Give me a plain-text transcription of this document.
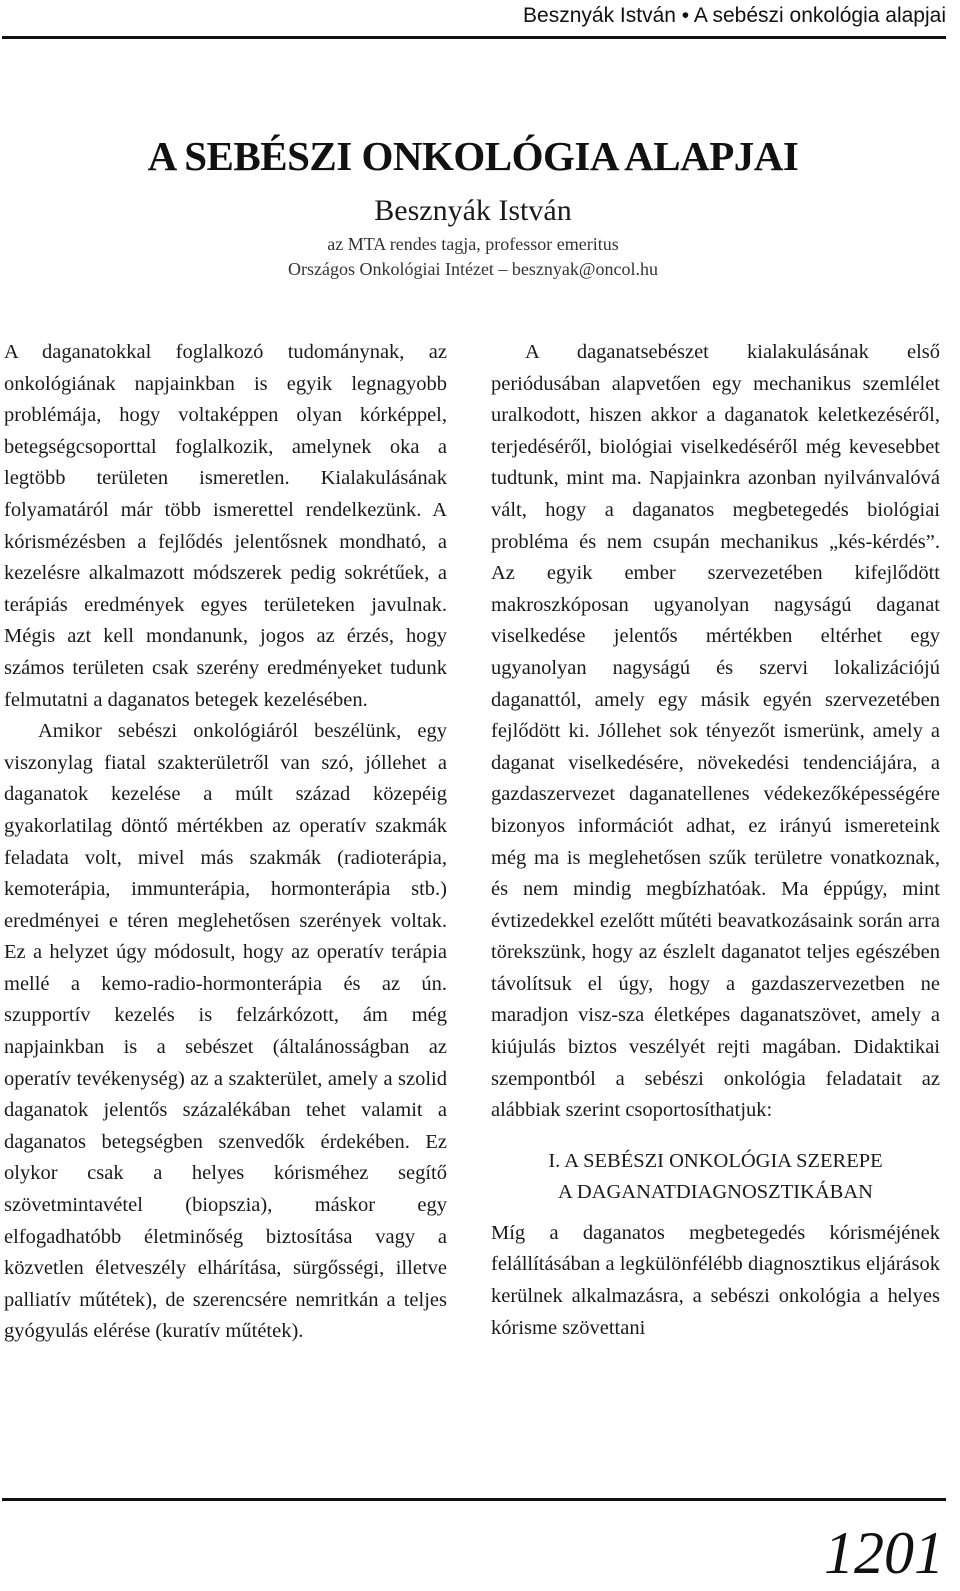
Besznyák István • A sebészi onkológia alapjai
A SEBÉSZI ONKOLÓGIA ALAPJAI
Besznyák István
az MTA rendes tagja, professor emeritus
Országos Onkológiai Intézet – besznyak@oncol.hu

A daganatokkal foglalkozó tudománynak, az onkológiának napjainkban is egyik legnagyobb problémája, hogy voltaképpen olyan kórképpel, betegségcsoporttal foglalkozik, amelynek oka a legtöbb területen ismeretlen. Kialakulásának folyamatáról már több ismerettel rendelkezünk. A kórismézésben a fejlődés jelentősnek mondható, a kezelésre alkalmazott módszerek pedig sokrétűek, a terápiás eredmények egyes területeken javulnak. Mégis azt kell mondanunk, jogos az érzés, hogy számos területen csak szerény eredményeket tudunk felmutatni a daganatos betegek kezelésében.

Amikor sebészi onkológiáról beszélünk, egy viszonylag fiatal szakterületről van szó, jóllehet a daganatok kezelése a múlt század közepéig gyakorlatilag döntő mértékben az operatív szakmák feladata volt, mivel más szakmák (radioterápia, kemoterápia, immunterápia, hormonterápia stb.) eredményei e téren meglehetősen szerények voltak. Ez a helyzet úgy módosult, hogy az operatív terápia mellé a kemo-radio-hormonterápia és az ún. szupportív kezelés is felzárkózott, ám még napjainkban is a sebészet (általánosságban az operatív tevékenység) az a szakterület, amely a szolid daganatok jelentős százalékában tehet valamit a daganatos betegségben szenvedők érdekében. Ez olykor csak a helyes kórisméhez segítő szövetmintavétel (biopszia), máskor egy elfogadhatóbb életminőség biztosítása vagy a közvetlen életveszély elhárítása, sürgősségi, illetve palliatív műtétek), de szerencsére nemritkán a teljes gyógyulás elérése (kuratív műtétek).

A daganatsebészet kialakulásának első periódusában alapvetően egy mechanikus szemlélet uralkodott, hiszen akkor a daganatok keletkezéséről, terjedéséről, biológiai viselkedéséről még kevesebbet tudtunk, mint ma. Napjainkra azonban nyilvánvalóvá vált, hogy a daganatos megbetegedés biológiai probléma és nem csupán mechanikus „kés-kérdés”. Az egyik ember szervezetében kifejlődött makroszkóposan ugyanolyan nagyságú daganat viselkedése jelentős mértékben eltérhet egy ugyanolyan nagyságú és szervi lokalizációjú daganattól, amely egy másik egyén szervezetében fejlődött ki. Jóllehet sok tényezőt ismerünk, amely a daganat viselkedésére, növekedési tendenciájára, a gazdaszervezet daganatellenes védekezőképességére bizonyos információt adhat, ez irányú ismereteink még ma is meglehetősen szűk területre vonatkoznak, és nem mindig megbízhatóak. Ma éppúgy, mint évtizedekkel ezelőtt műtéti beavatkozásaink során arra törekszünk, hogy az észlelt daganatot teljes egészében távolítsuk el úgy, hogy a gazdaszervezetben ne maradjon visz-sza életképes daganatszövet, amely a kiújulás biztos veszélyét rejti magában. Didaktikai szempontból a sebészi onkológia feladatait az alábbiak szerint csoportosíthatjuk:

I. A SEBÉSZI ONKOLÓGIA SZEREPE
A DAGANATDIAGNOSZTIKÁBAN

Míg a daganatos megbetegedés kórisméjének felállításában a legkülönfélébb diagnosztikus eljárások kerülnek alkalmazásra, a sebészi onkológia a helyes kórisme szövettani

1201
